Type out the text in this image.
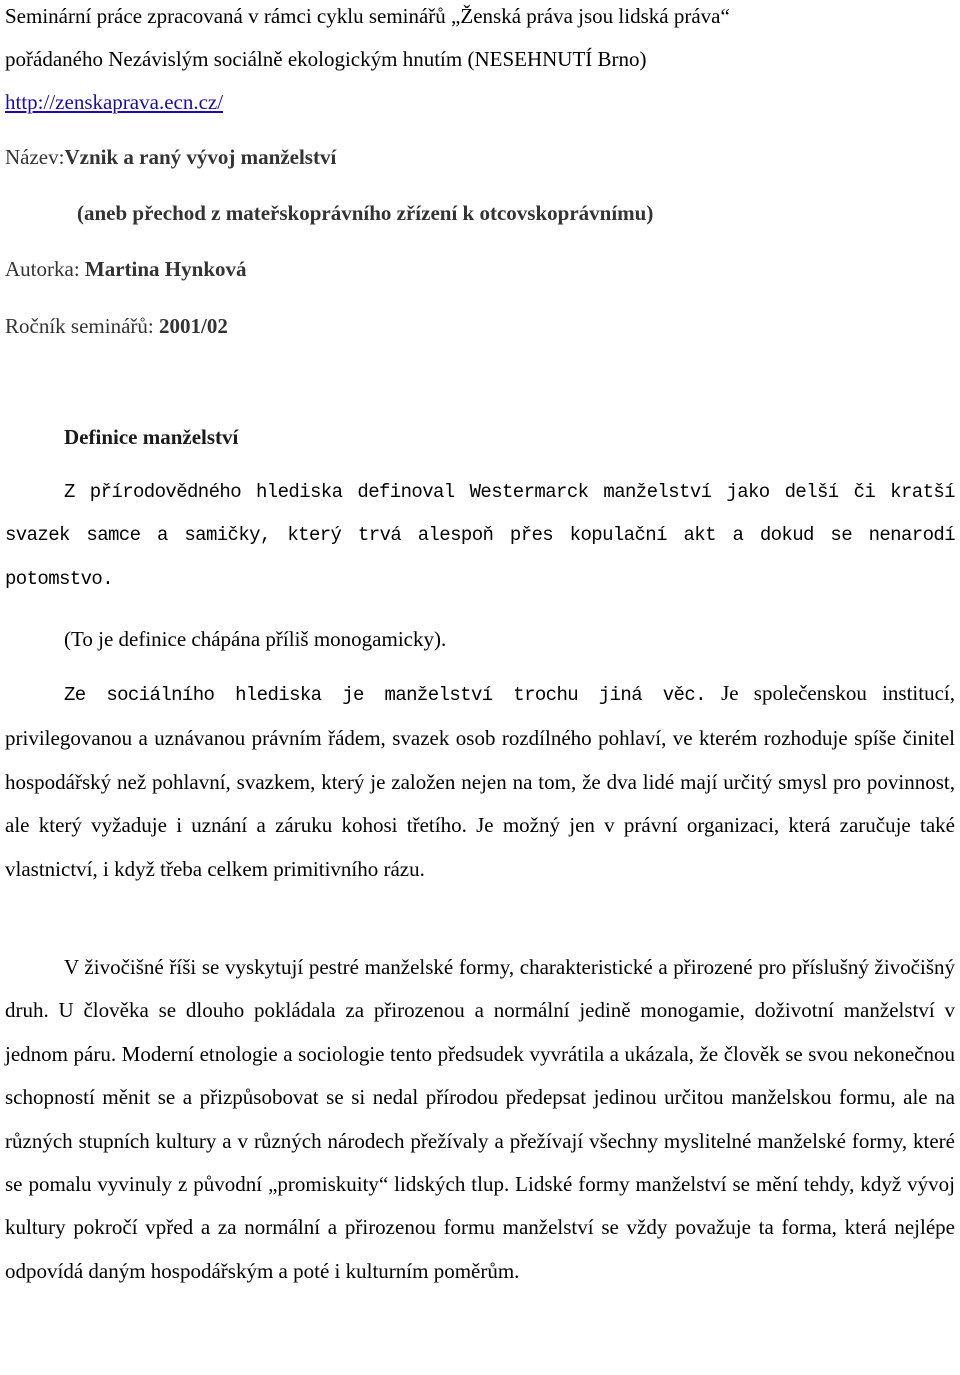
Seminární práce zpracovaná v rámci cyklu seminářů „Ženská práva jsou lidská práva“
pořádaného Nezávislým sociálně ekologickým hnutím (NESEHNUTÍ Brno)
http://zenskaprava.ecn.cz/
Název:Vznik a raný vývoj manželství
(aneb přechod z mateřskoprávního zřízení k otcovskoprávnímu)
Autorka: Martina Hynková
Ročník seminářů: 2001/02
Definice manželství

Z přírodovědného hlediska definoval Westermarck manželství jako delší či kratší svazek samce a samičky, který trvá alespoň přes kopulační akt a dokud se nenarodí potomstvo.

(To je definice chápána příliš monogamicky).

Ze sociálního hlediska je manželství trochu jiná věc. Je společenskou institucí, privilegovanou a uznávanou právním řádem, svazek osob rozdílného pohlaví, ve kterém rozhoduje spíše činitel hospodářský než pohlavní, svazkem, který je založen nejen na tom, že dva lidé mají určitý smysl pro povinnost, ale který vyžaduje i uznání a záruku kohosi třetího. Je možný jen v právní organizaci, která zaručuje také vlastnictví, i když třeba celkem primitivního rázu.

V živočišné říši se vyskytují pestré manželské formy, charakteristické a přirozené pro příslušný živočišný druh. U člověka se dlouho pokládala za přirozenou a normální jedině monogamie, doživotní manželství v jednom páru. Moderní etnologie a sociologie tento předsudek vyvrátila a ukázala, že člověk se svou nekonečnou schopností měnit se a přizpůsobovat se si nedal přírodou předepsat jedinou určitou manželskou formu, ale na různých stupních kultury a v různých národech přežívaly a přežívají všechny myslitelné manželské formy, které se pomalu vyvinuly z původní „promiskuity“ lidských tlup. Lidské formy manželství se mění tehdy, když vývoj kultury pokročí vpřed a za normální a přirozenou formu manželství se vždy považuje ta forma, která nejlépe odpovídá daným hospodářským a poté i kulturním poměrům.
